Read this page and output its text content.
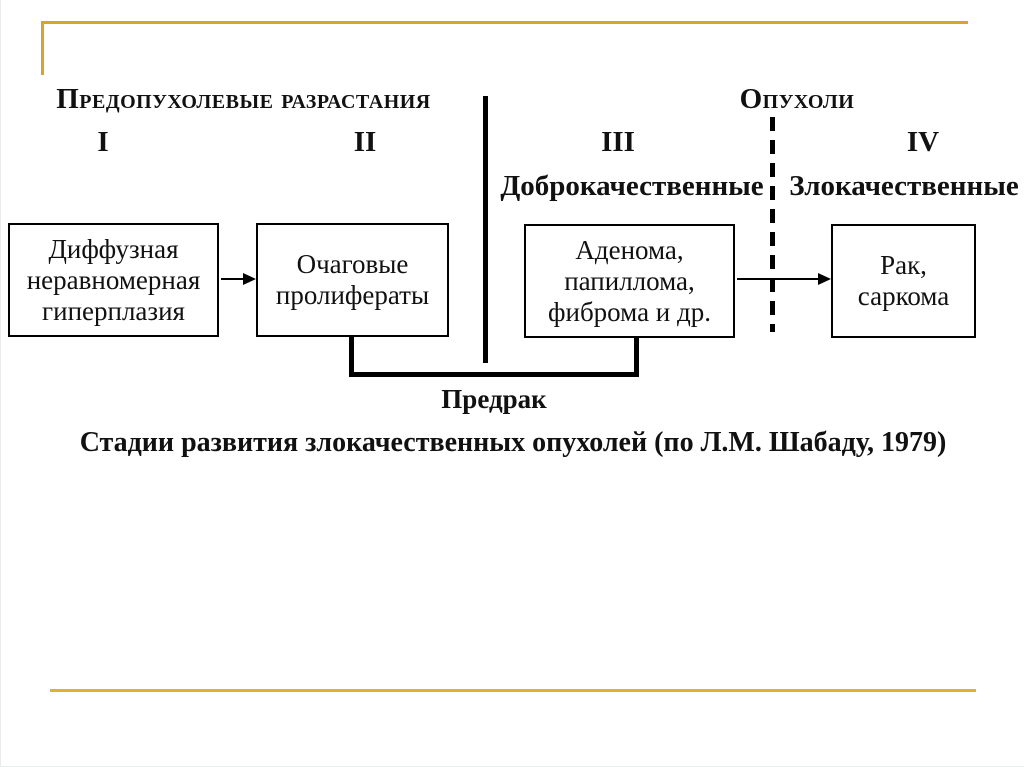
Предопухолевые разрастания	Опухоли
I	II	III	IV
Доброкачественные Злокачественные
Диффузная
неравномерная
гиперплазия
Очаговые
пролифераты
Аденома,
папиллома,
фиброма и др.
Рак,
саркома
Предрак
Стадии развития злокачественных опухолей (по Л.М. Шабаду, 1979)
